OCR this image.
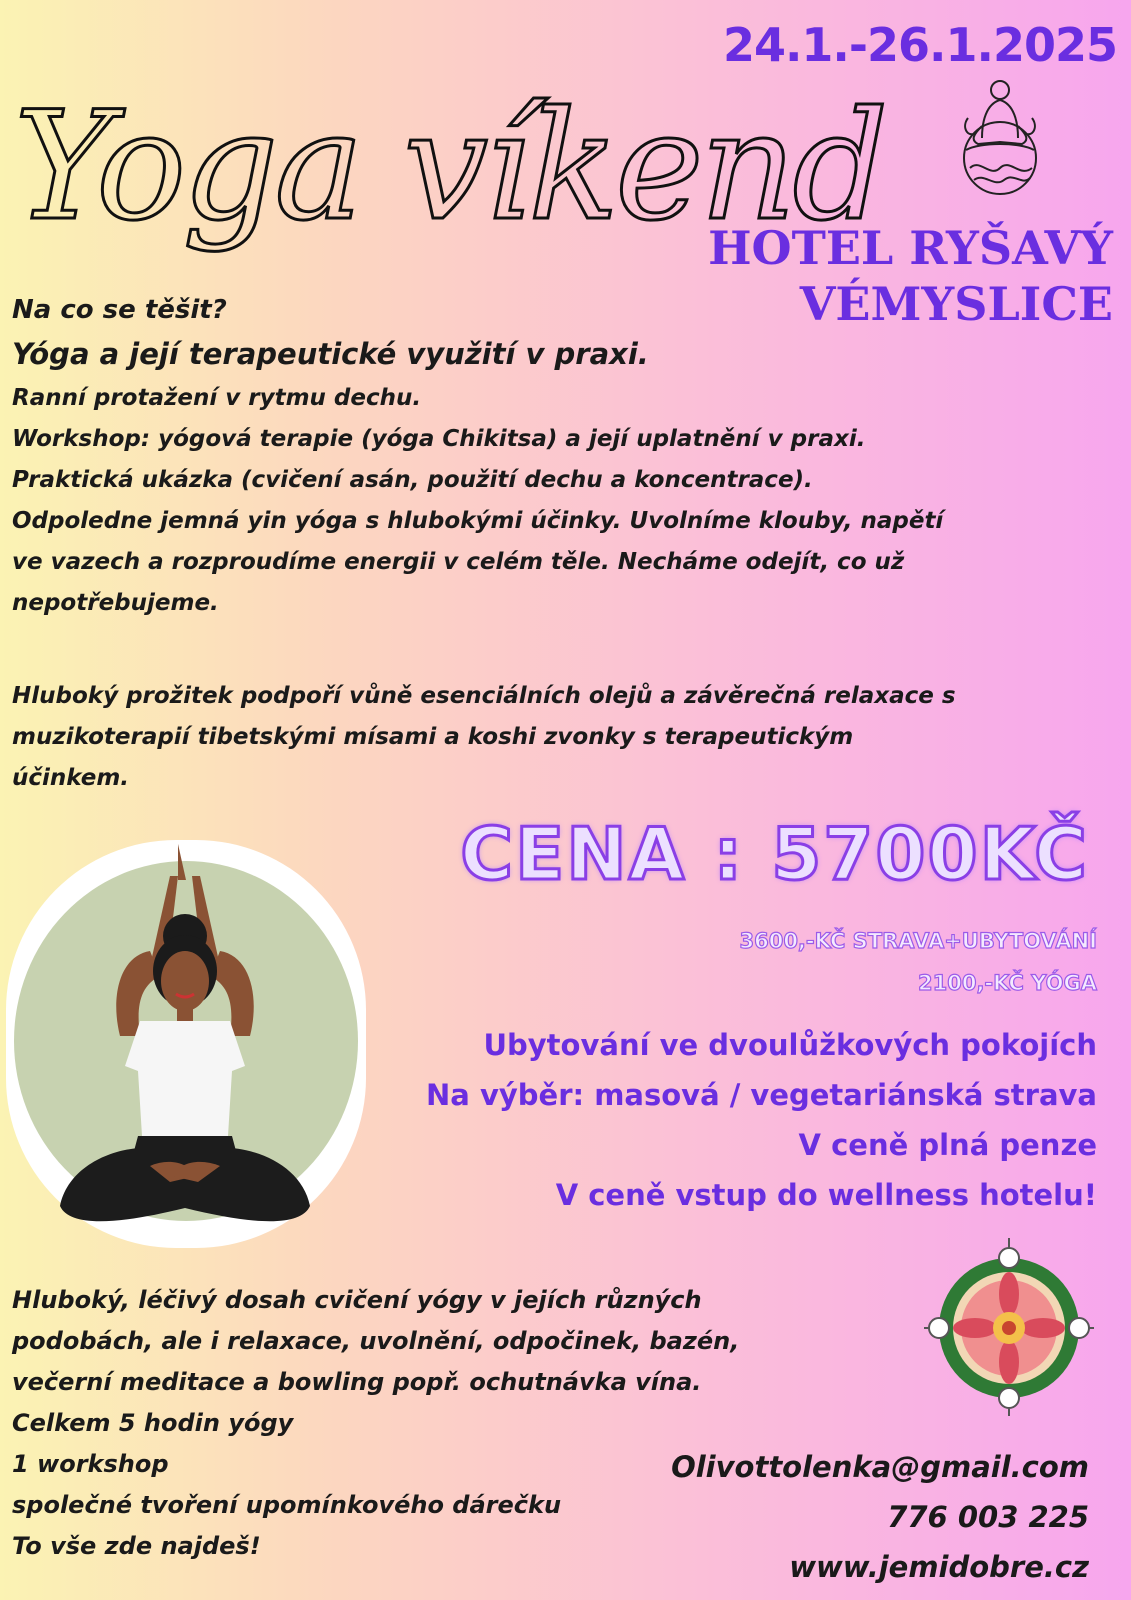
Yoga víkend
24.1.-26.1.2025
HOTEL RYŠAVÝ
VÉMYSLICE
Na co se těšit?
Yóga a její terapeutické využití v praxi.
Ranní protažení v rytmu dechu.
Workshop: yógová terapie (yóga Chikitsa) a její uplatnění v praxi.
Praktická ukázka (cvičení asán, použití dechu a koncentrace).
Odpoledne jemná yin yóga s hlubokými účinky. Uvolníme klouby, napětí
ve vazech a rozproudíme energii v celém těle. Necháme odejít, co už
nepotřebujeme.
Hluboký prožitek podpoří vůně esenciálních olejů a závěrečná relaxace s
muzikoterapií tibetskými mísami a koshi zvonky s terapeutickým
účinkem.
CENA : 5700KČ
3600,-KČ STRAVA+UBYTOVÁNÍ
2100,-KČ YÓGA
Ubytování ve dvoulůžkových pokojích
Na výběr: masová / vegetariánská strava
V ceně plná penze
V ceně vstup do wellness hotelu!
Hluboký, léčivý dosah cvičení yógy v jejích různých
podobách, ale i relaxace, uvolnění, odpočinek, bazén,
večerní meditace a bowling popř. ochutnávka vína.
Celkem 5 hodin yógy
1 workshop
společné tvoření upomínkového dárečku
To vše zde najdeš!
Olivottolenka@gmail.com
776 003 225
www.jemidobre.cz
